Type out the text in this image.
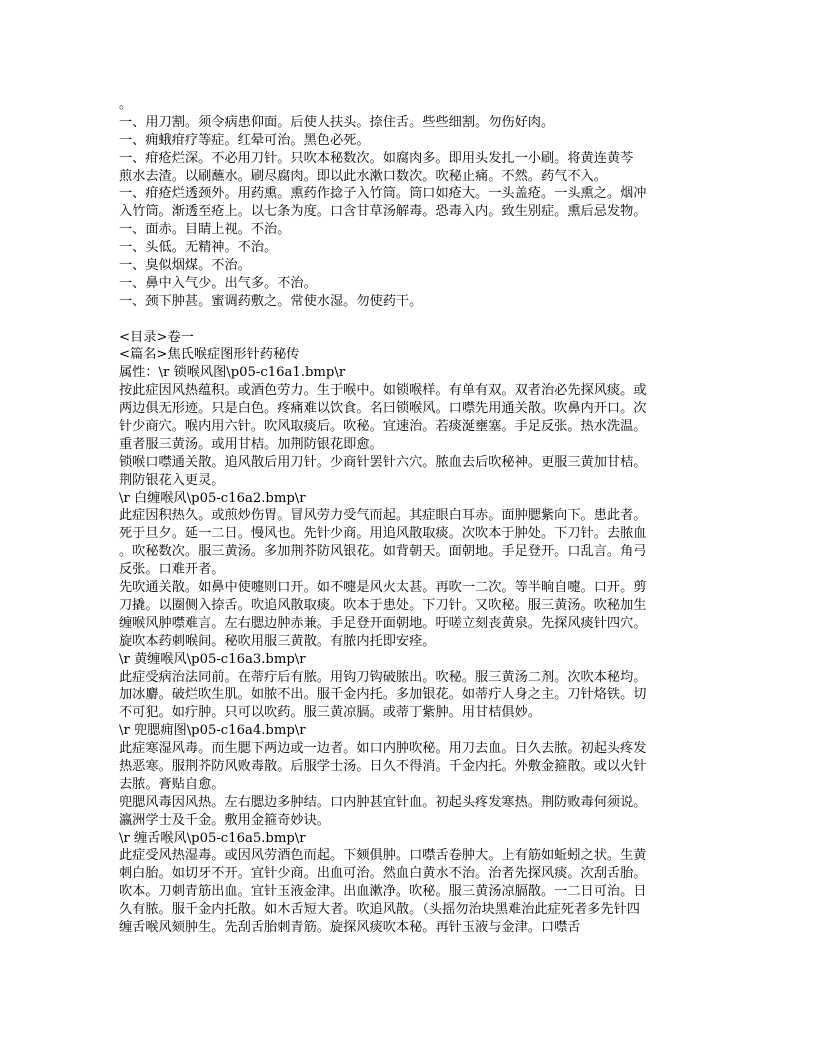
。
一、用刀割。须令病患仰面。后使人扶头。捺住舌。些些细割。勿伤好肉。
一、痈蛾疳疗等症。红晕可治。黑色必死。
一、疳疮烂深。不必用刀针。只吹本秘数次。如腐肉多。即用头发扎一小刷。将黄连黄芩
煎水去渣。以刷蘸水。刷尽腐肉。即以此水漱口数次。吹秘止痛。不然。药气不入。
一、疳疮烂透颈外。用药熏。熏药作捻子入竹筒。筒口如疮大。一头盖疮。一头熏之。烟冲
入竹筒。渐透至疮上。以七条为度。口含甘草汤解毒。恐毒入内。致生别症。熏后忌发物。
一、面赤。目睛上视。不治。
一、头低。无精神。不治。
一、臭似烟煤。不治。
一、鼻中入气少。出气多。不治。
一、颈下肿甚。蜜调药敷之。常使水湿。勿使药干。
<目录>卷一
<篇名>焦氏喉症图形针药秘传
属性：\r 锁喉风图\p05-c16a1.bmp\r
按此症因风热蕴积。或酒色劳力。生于喉中。如锁喉样。有单有双。双者治必先探风痰。或
两边俱无形迹。只是白色。疼痛难以饮食。名曰锁喉风。口噤先用通关散。吹鼻内开口。次
针少商穴。喉内用六针。吹风取痰后。吹秘。宜速治。若痰涎壅塞。手足反张。热水洗温。
重者服三黄汤。或用甘桔。加荆防银花即愈。
锁喉口噤通关散。追风散后用刀针。少商针罢针六穴。脓血去后吹秘神。更服三黄加甘桔。
荆防银花入更灵。
\r 白缠喉风\p05-c16a2.bmp\r
此症因积热久。或煎炒伤胃。冒风劳力受气而起。其症眼白耳赤。面肿腮紫向下。患此者。
死于旦夕。延一二日。慢风也。先针少商。用追风散取痰。次吹本于肿处。下刀针。去脓血
。吹秘数次。服三黄汤。多加荆芥防风银花。如背朝天。面朝地。手足登开。口乱言。角弓
反张。口难开者。
先吹通关散。如鼻中使嚏则口开。如不嚏是风火太甚。再吹一二次。等半晌自嚏。口开。剪
刀撬。以圈侧入捺舌。吹追风散取痰。吹本于患处。下刀针。又吹秘。服三黄汤。吹秘加生
缠喉风肿噤难言。左右腮边肿赤兼。手足登开面朝地。吁嗟立刻丧黄泉。先探风痰针四穴。
旋吹本药刺喉间。秘吹用服三黄散。有脓内托即安痊。
\r 黄缠喉风\p05-c16a3.bmp\r
此症受病治法同前。在蒂疔后有脓。用钩刀钩破脓出。吹秘。服三黄汤二剂。次吹本秘均。
加冰麝。破烂吹生肌。如脓不出。服千金内托。多加银花。如蒂疔人身之主。刀针烙铁。切
不可犯。如疔肿。只可以吹药。服三黄凉膈。或蒂丁紫肿。用甘桔俱妙。
\r 兜腮痈图\p05-c16a4.bmp\r
此症寒湿风毒。而生腮下两边或一边者。如口内肿吹秘。用刀去血。日久去脓。初起头疼发
热恶寒。服荆芥防风败毒散。后服学士汤。日久不得消。千金内托。外敷金箍散。或以火针
去脓。膏贴自愈。
兜腮风毒因风热。左右腮边多肿结。口内肿甚宜针血。初起头疼发寒热。荆防败毒何须说。
瀛洲学士及千金。敷用金箍奇妙诀。
\r 缠舌喉风\p05-c16a5.bmp\r
此症受风热湿毒。或因风劳酒色而起。下颏俱肿。口噤舌卷肿大。上有筋如蚯蚓之状。生黄
刺白胎。如切牙不开。宜针少商。出血可治。然血白黄水不治。治者先探风痰。次刮舌胎。
吹本。刀刺青筋出血。宜针玉液金津。出血漱净。吹秘。服三黄汤凉膈散。一二日可治。日
久有脓。服千金内托散。如木舌短大者。吹追风散。（头摇勿治块黑难治此症死者多先针四
缠舌喉风颏肿生。先刮舌胎刺青筋。旋探风痰吹本秘。再针玉液与金津。口噤舌
